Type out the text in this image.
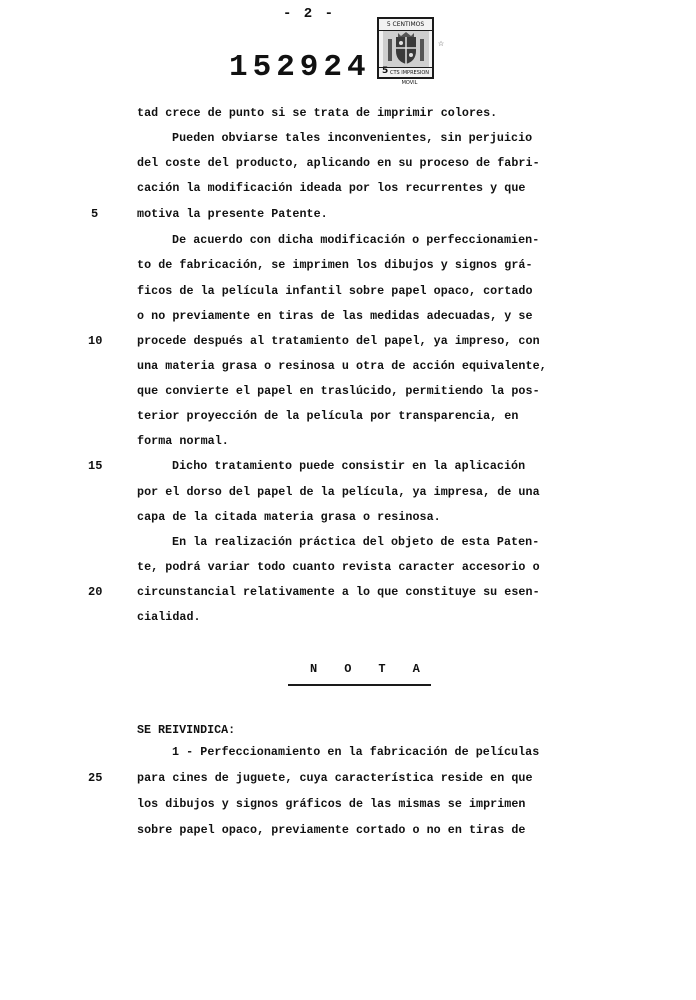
- 2 -
152924
5 CENTIMOS
5 CTS IMPRESION MOVIL
☆
tad crece de punto si se trata de imprimir colores.
Pueden obviarse tales inconvenientes, sin perjuicio
del coste del producto, aplicando en su proceso de fabri-
cación la modificación ideada por los recurrentes y que
motiva la presente Patente.
De acuerdo con dicha modificación o perfeccionamien-
to de fabricación, se imprimen los dibujos y signos grá-
ficos de la película infantil sobre papel opaco, cortado
o no previamente en tiras de las medidas adecuadas, y se
procede después al tratamiento del papel, ya impreso, con
una materia grasa o resinosa u otra de acción equivalente,
que convierte el papel en traslúcido, permitiendo la pos-
terior proyección de la película por transparencia, en
forma normal.
Dicho tratamiento puede consistir en la aplicación
por el dorso del papel de la película, ya impresa, de una
capa de la citada materia grasa o resinosa.
En la realización práctica del objeto de esta Paten-
te, podrá variar todo cuanto revista caracter accesorio o
circunstancial relativamente a lo que constituye su esen-
cialidad.
5
10
15
20
NOTA
SE REIVINDICA:
1 - Perfeccionamiento en la fabricación de películas
para cines de juguete, cuya característica reside en que
los dibujos y signos gráficos de las mismas se imprimen
sobre papel opaco, previamente cortado o no en tiras de
25
